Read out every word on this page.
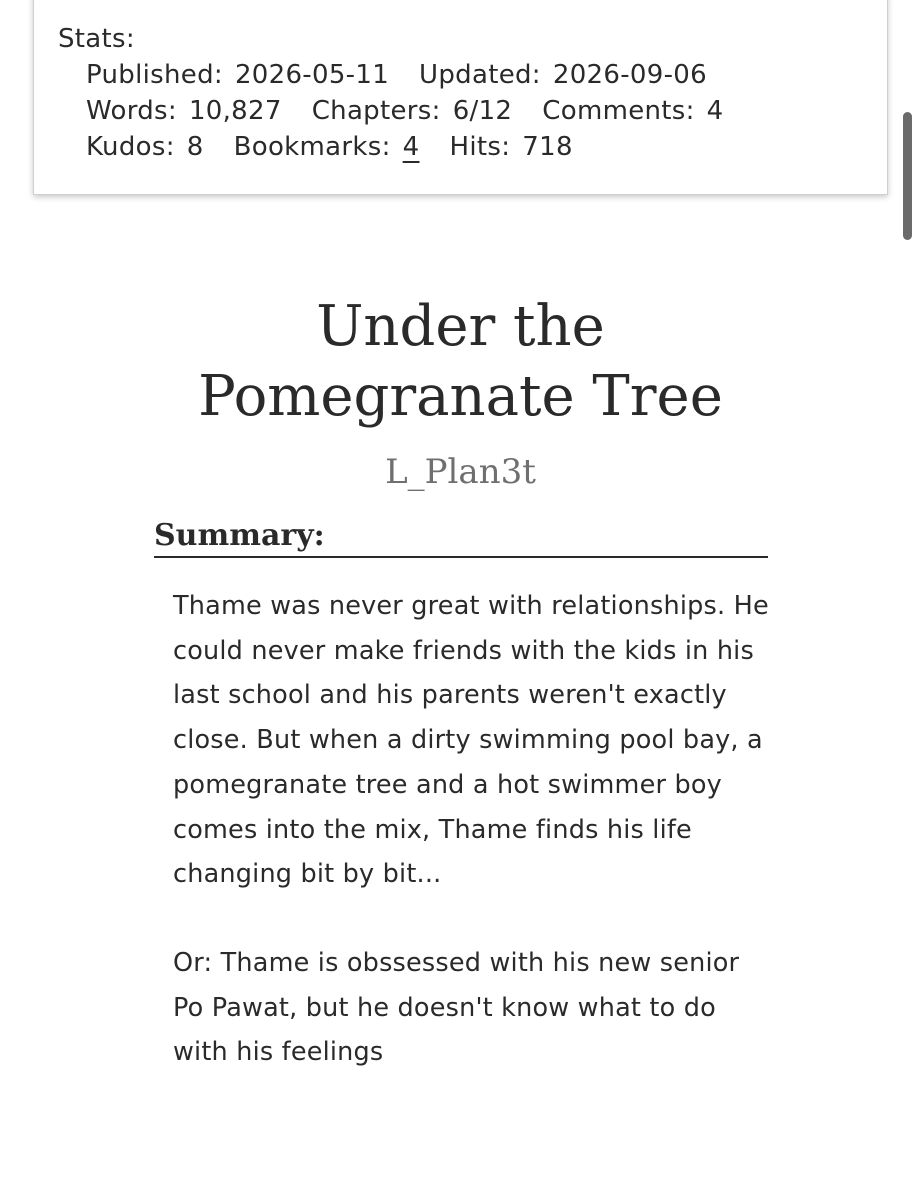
Stats:
Published: 2026-05-11 Updated: 2026-09-06
Words: 10,827 Chapters: 6/12 Comments: 4
Kudos: 8 Bookmarks: 4 Hits: 718
Under the
Pomegranate Tree
L_Plan3t
Summary:

Thame was never great with relationships. He could never make friends with the kids in his last school and his parents weren't exactly close. But when a dirty swimming pool bay, a pomegranate tree and a hot swimmer boy comes into the mix, Thame finds his life changing bit by bit...

Or: Thame is obssessed with his new senior Po Pawat, but he doesn't know what to do with his feelings
